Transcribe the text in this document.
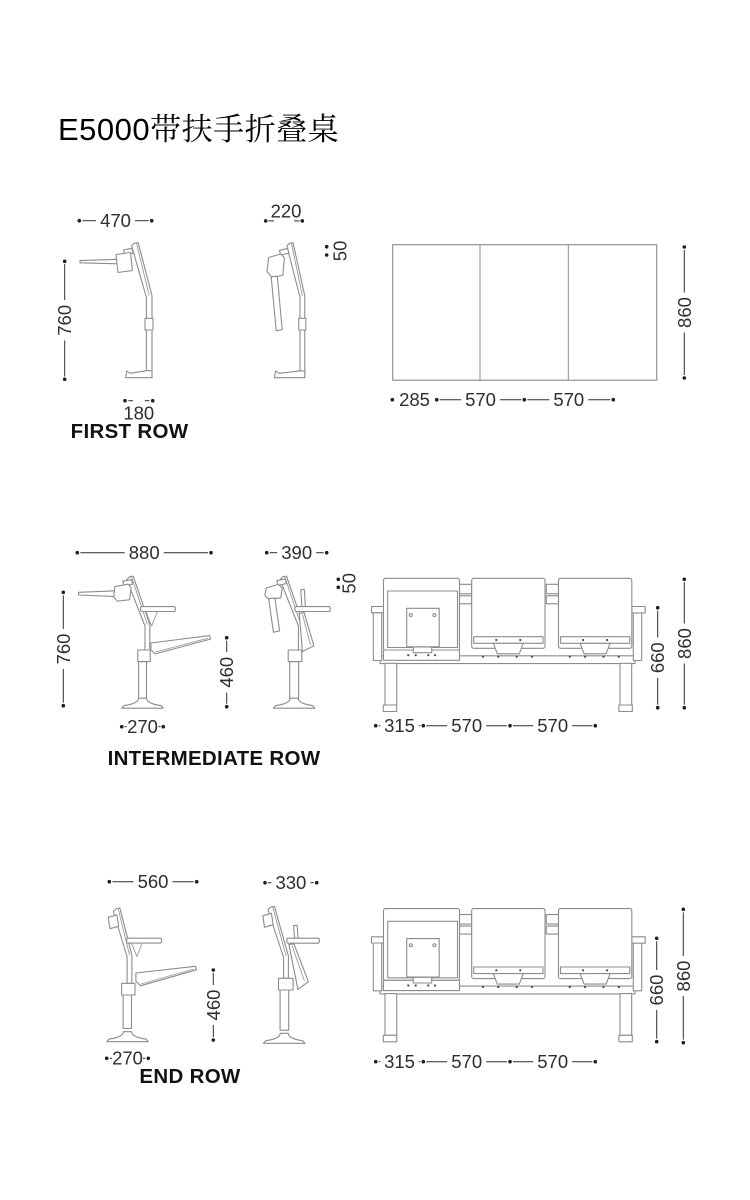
E5000带扶手折叠桌
470
760
180
220
50
860
285 570	570
FIRST ROW
880
760
460
270
390
50
660 860
315 570	570
INTERMEDIATE ROW
560	330
460
270
660 860
315 570	570
END ROW
